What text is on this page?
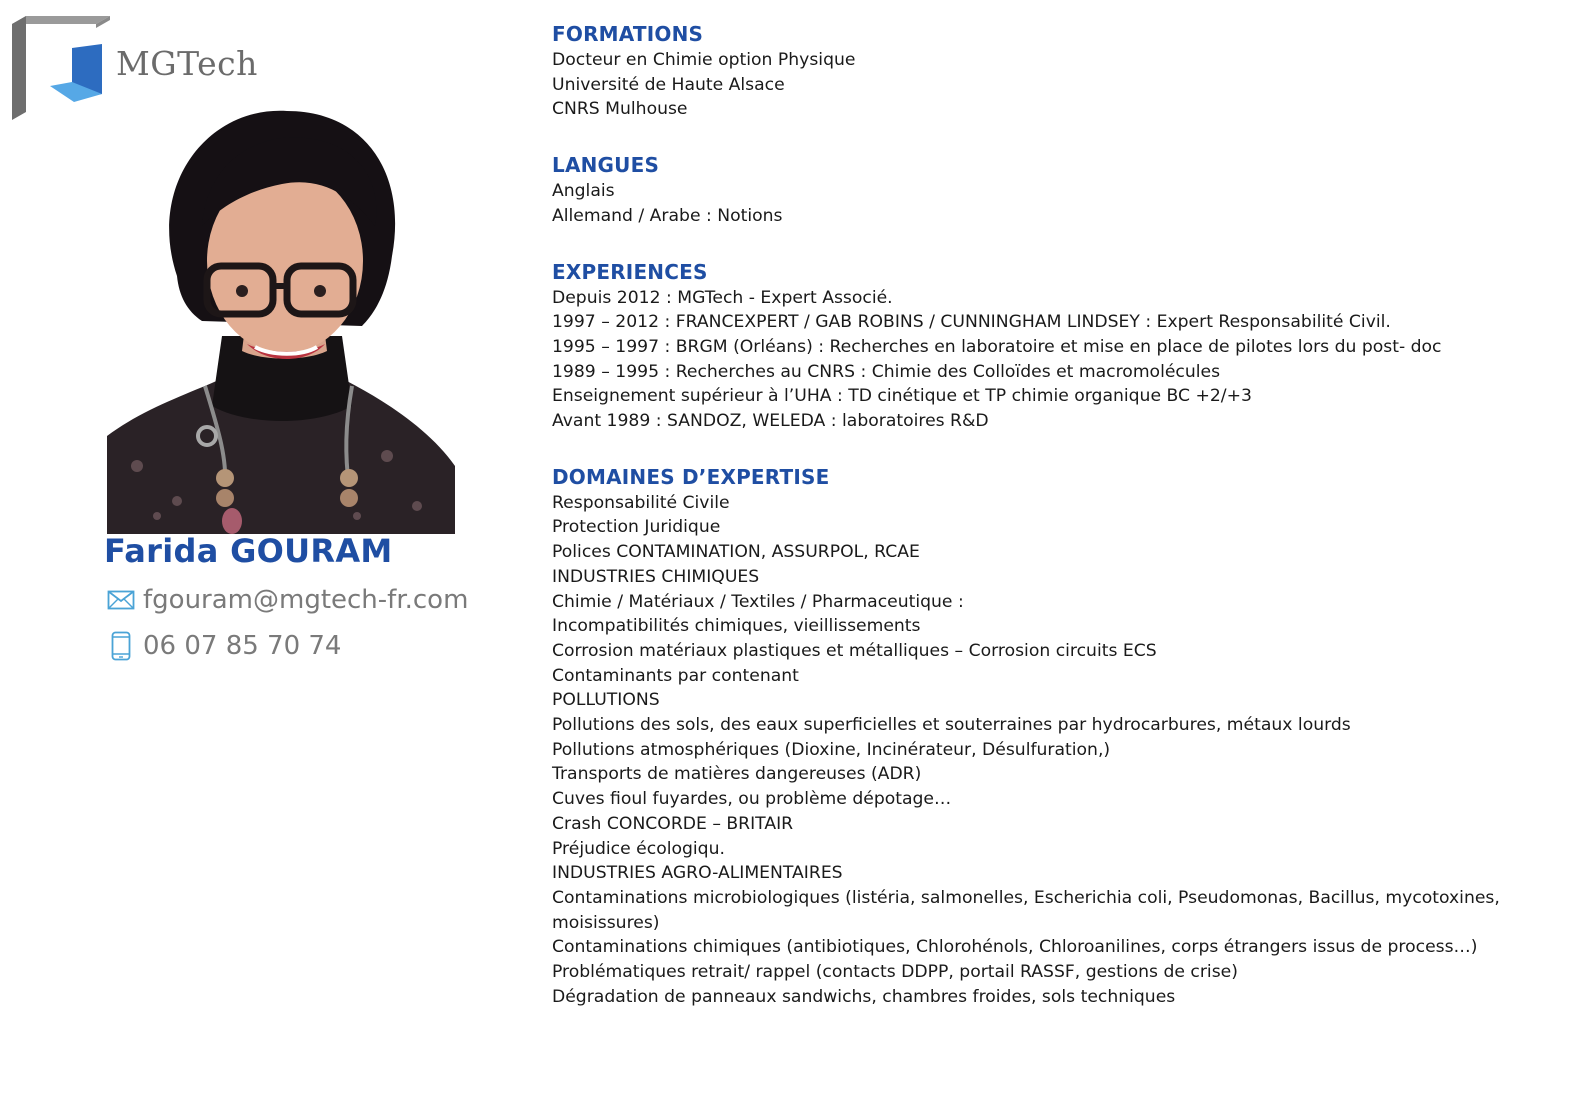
MGTech
Farida GOURAM
fgouram@mgtech-fr.com
06 07 85 70 74
FORMATIONS
Docteur en Chimie option Physique
Université de Haute Alsace
CNRS Mulhouse
LANGUES
Anglais
Allemand / Arabe : Notions
EXPERIENCES
Depuis 2012 : MGTech - Expert Associé.
1997 – 2012 : FRANCEXPERT / GAB ROBINS / CUNNINGHAM LINDSEY : Expert Responsabilité Civil.
1995 – 1997 : BRGM (Orléans) : Recherches en laboratoire et mise en place de pilotes lors du post- doc
1989 – 1995 : Recherches au CNRS : Chimie des Colloïdes et macromolécules
Enseignement supérieur à l’UHA : TD cinétique et TP chimie organique BC +2/+3
Avant 1989 : SANDOZ, WELEDA : laboratoires R&D
DOMAINES D’EXPERTISE
Responsabilité Civile
Protection Juridique
Polices CONTAMINATION, ASSURPOL, RCAE
INDUSTRIES CHIMIQUES
Chimie / Matériaux / Textiles / Pharmaceutique :
Incompatibilités chimiques, vieillissements
Corrosion matériaux plastiques et métalliques – Corrosion circuits ECS
Contaminants par contenant
POLLUTIONS
Pollutions des sols, des eaux superficielles et souterraines par hydrocarbures, métaux lourds
Pollutions atmosphériques (Dioxine, Incinérateur, Désulfuration,)
Transports de matières dangereuses (ADR)
Cuves fioul fuyardes, ou problème dépotage…
Crash CONCORDE – BRITAIR
Préjudice écologiqu.
INDUSTRIES AGRO-ALIMENTAIRES
Contaminations microbiologiques (listéria, salmonelles, Escherichia coli, Pseudomonas, Bacillus, mycotoxines, moisissures)
Contaminations chimiques (antibiotiques, Chlorohénols, Chloroanilines, corps étrangers issus de process…)
Problématiques retrait/ rappel (contacts DDPP, portail RASSF, gestions de crise)
Dégradation de panneaux sandwichs, chambres froides, sols techniques
